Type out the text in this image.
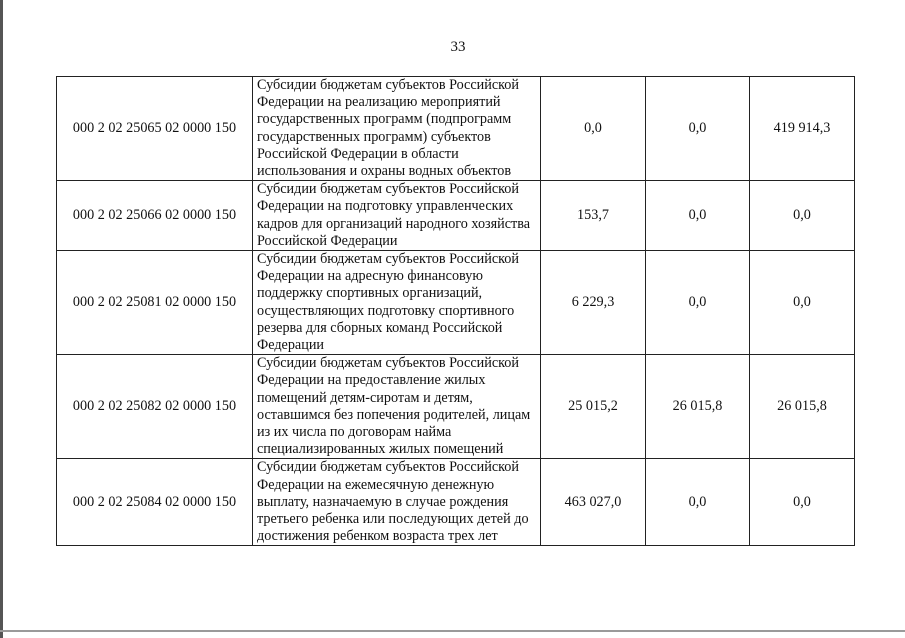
33
000 2 02 25065 02 0000 150	Субсидии бюджетам субъектов Российской Федерации на реализацию мероприятий государственных программ (подпрограмм государственных программ) субъектов Российской Федерации в области использования и охраны водных объектов	0,0	0,0	419 914,3
000 2 02 25066 02 0000 150	Субсидии бюджетам субъектов Российской Федерации на подготовку управленческих кадров для организаций народного хозяйства Российской Федерации	153,7	0,0	0,0
000 2 02 25081 02 0000 150	Субсидии бюджетам субъектов Российской Федерации на адресную финансовую поддержку спортивных организаций, осуществляющих подготовку спортивного резерва для сборных команд Российской Федерации	6 229,3	0,0	0,0
000 2 02 25082 02 0000 150	Субсидии бюджетам субъектов Российской Федерации на предоставление жилых помещений детям-сиротам и детям, оставшимся без попечения родителей, лицам из их числа по договорам найма специализированных жилых помещений	25 015,2	26 015,8	26 015,8
000 2 02 25084 02 0000 150	Субсидии бюджетам субъектов Российской Федерации на ежемесячную денежную выплату, назначаемую в случае рождения третьего ребенка или последующих детей до достижения ребенком возраста трех лет	463 027,0	0,0	0,0
